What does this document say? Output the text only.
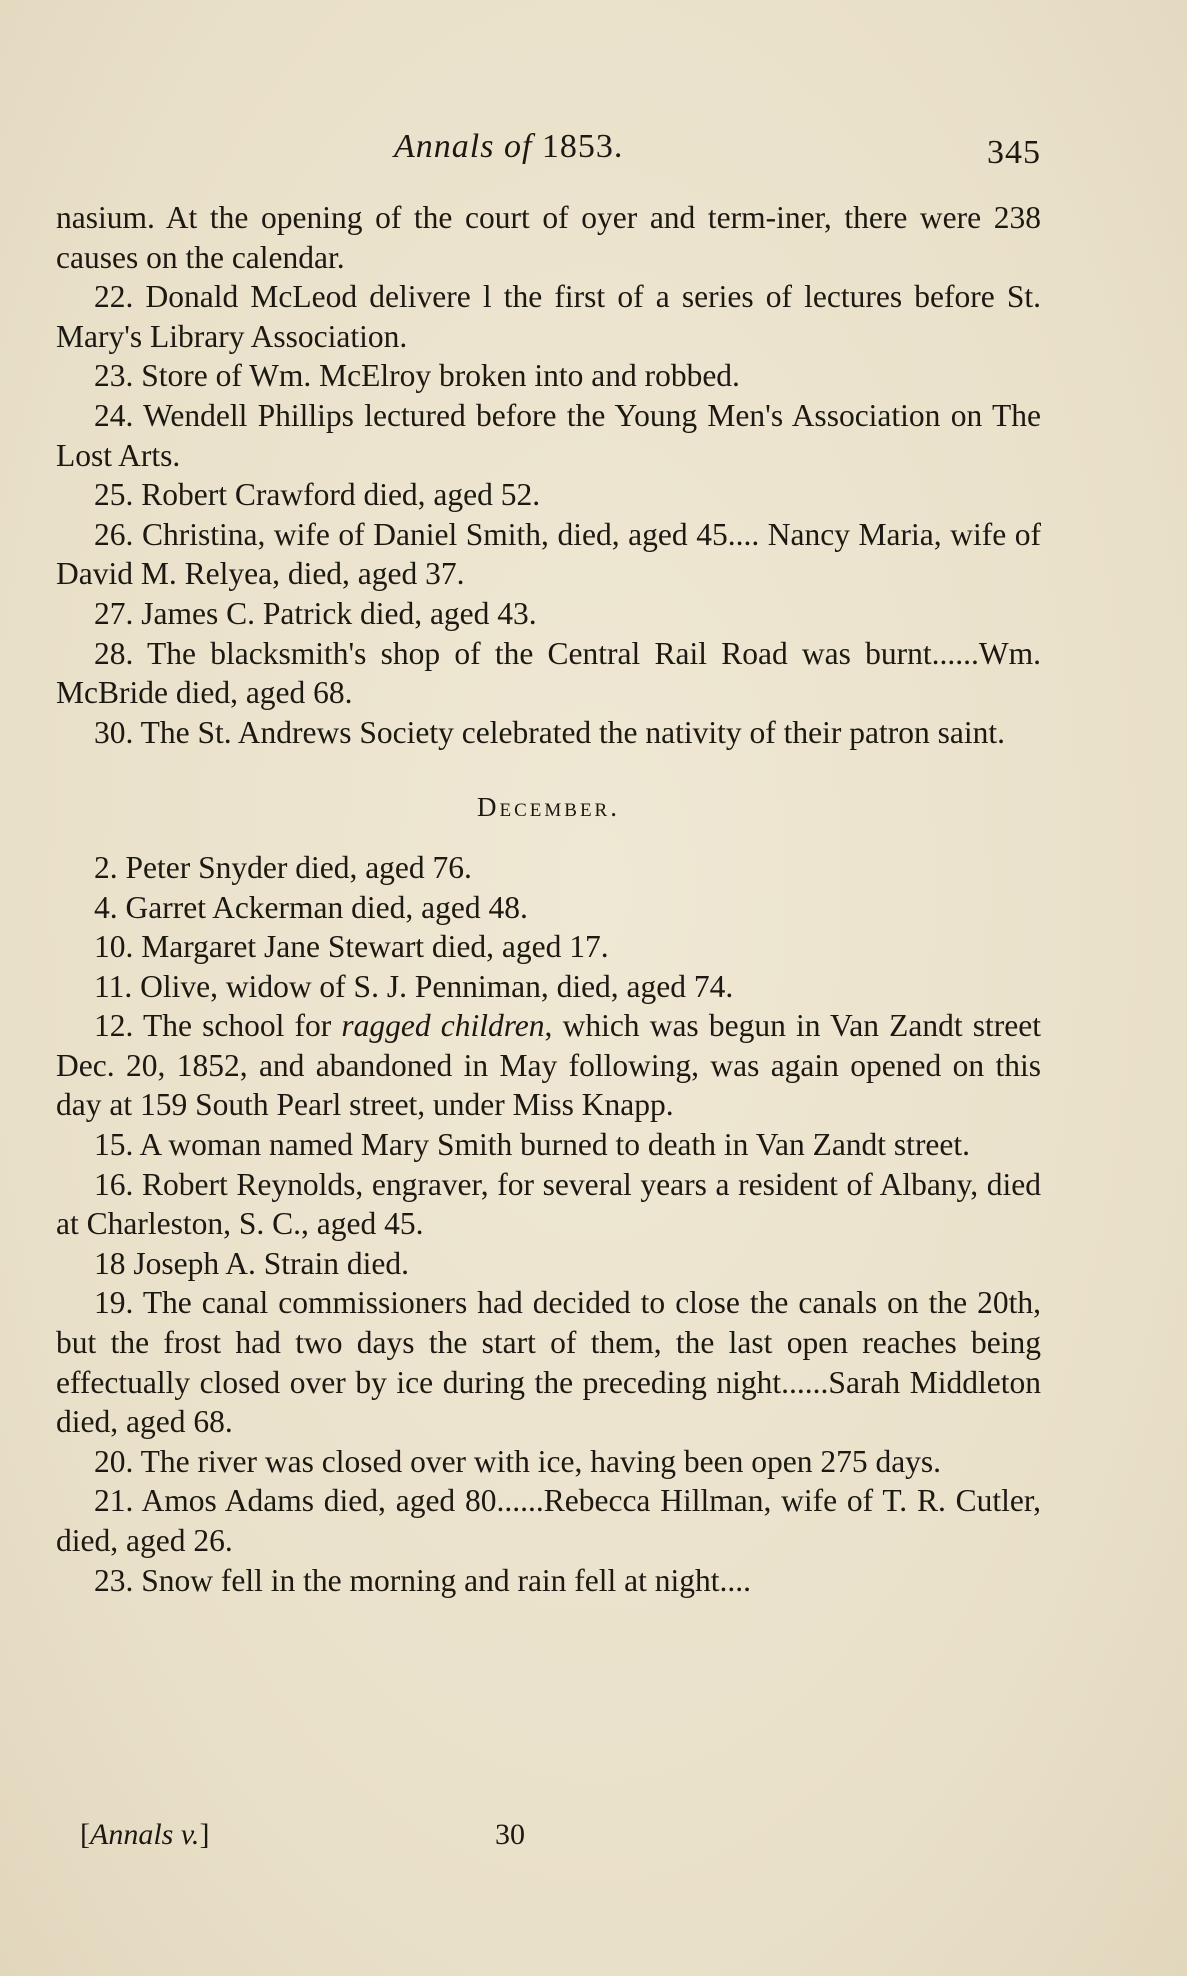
Annals of 1853.	345

nasium. At the opening of the court of oyer and term-iner, there were 238 causes on the calendar.

22. Donald McLeod delivere l the first of a series of lectures before St. Mary's Library Association.

23. Store of Wm. McElroy broken into and robbed.

24. Wendell Phillips lectured before the Young Men's Association on The Lost Arts.

25. Robert Crawford died, aged 52.

26. Christina, wife of Daniel Smith, died, aged 45.... Nancy Maria, wife of David M. Relyea, died, aged 37.

27. James C. Patrick died, aged 43.

28. The blacksmith's shop of the Central Rail Road was burnt......Wm. McBride died, aged 68.

30. The St. Andrews Society celebrated the nativity of their patron saint.

December.

2. Peter Snyder died, aged 76.

4. Garret Ackerman died, aged 48.

10. Margaret Jane Stewart died, aged 17.

11. Olive, widow of S. J. Penniman, died, aged 74.

12. The school for ragged children, which was begun in Van Zandt street Dec. 20, 1852, and abandoned in May following, was again opened on this day at 159 South Pearl street, under Miss Knapp.

15. A woman named Mary Smith burned to death in Van Zandt street.

16. Robert Reynolds, engraver, for several years a resident of Albany, died at Charleston, S. C., aged 45.

18 Joseph A. Strain died.

19. The canal commissioners had decided to close the canals on the 20th, but the frost had two days the start of them, the last open reaches being effectually closed over by ice during the preceding night......Sarah Middleton died, aged 68.

20. The river was closed over with ice, having been open 275 days.

21. Amos Adams died, aged 80......Rebecca Hillman, wife of T. R. Cutler, died, aged 26.

23. Snow fell in the morning and rain fell at night....

[Annals v.]	30
